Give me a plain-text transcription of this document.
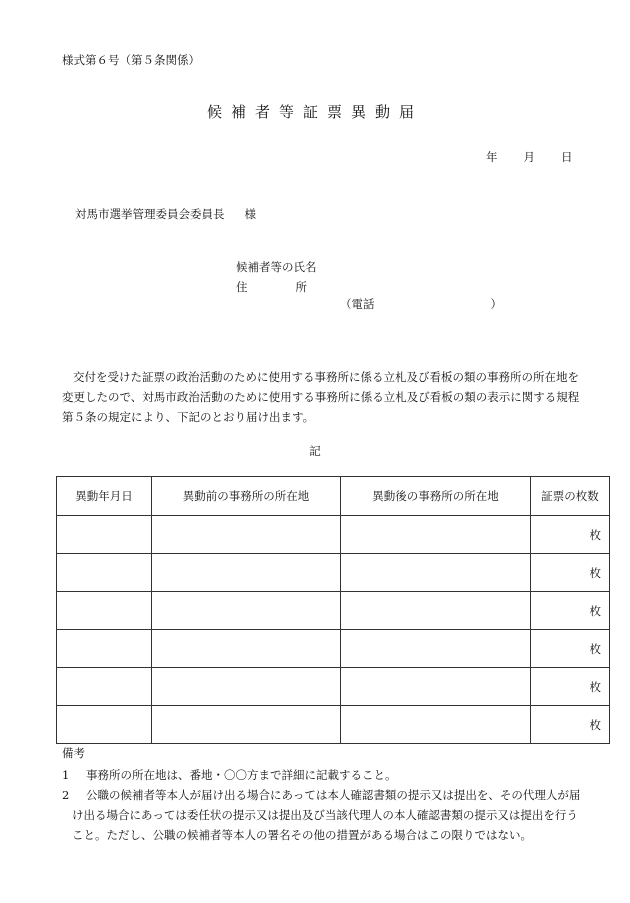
様式第６号（第５条関係）
候補者等証票異動届
年 月 日
対馬市選挙管理委員会委員長 様
候補者等の氏名
住	所
（電話	）
交付を受けた証票の政治活動のために使用する事務所に係る立札及び看板の類の事務所の所在地を変更したので、対馬市政治活動のために使用する事務所に係る立札及び看板の類の表示に関する規程第５条の規定により、下記のとおり届け出ます。
記
異動年月日	異動前の事務所の所在地	異動後の事務所の所在地	証票の枚数
			枚
			枚
			枚
			枚
			枚
			枚
備考
1 事務所の所在地は、番地・〇〇方まで詳細に記載すること。
2 公職の候補者等本人が届け出る場合にあっては本人確認書類の提示又は提出を、その代理人が届け出る場合にあっては委任状の提示又は提出及び当該代理人の本人確認書類の提示又は提出を行うこと。ただし、公職の候補者等本人の署名その他の措置がある場合はこの限りではない。
